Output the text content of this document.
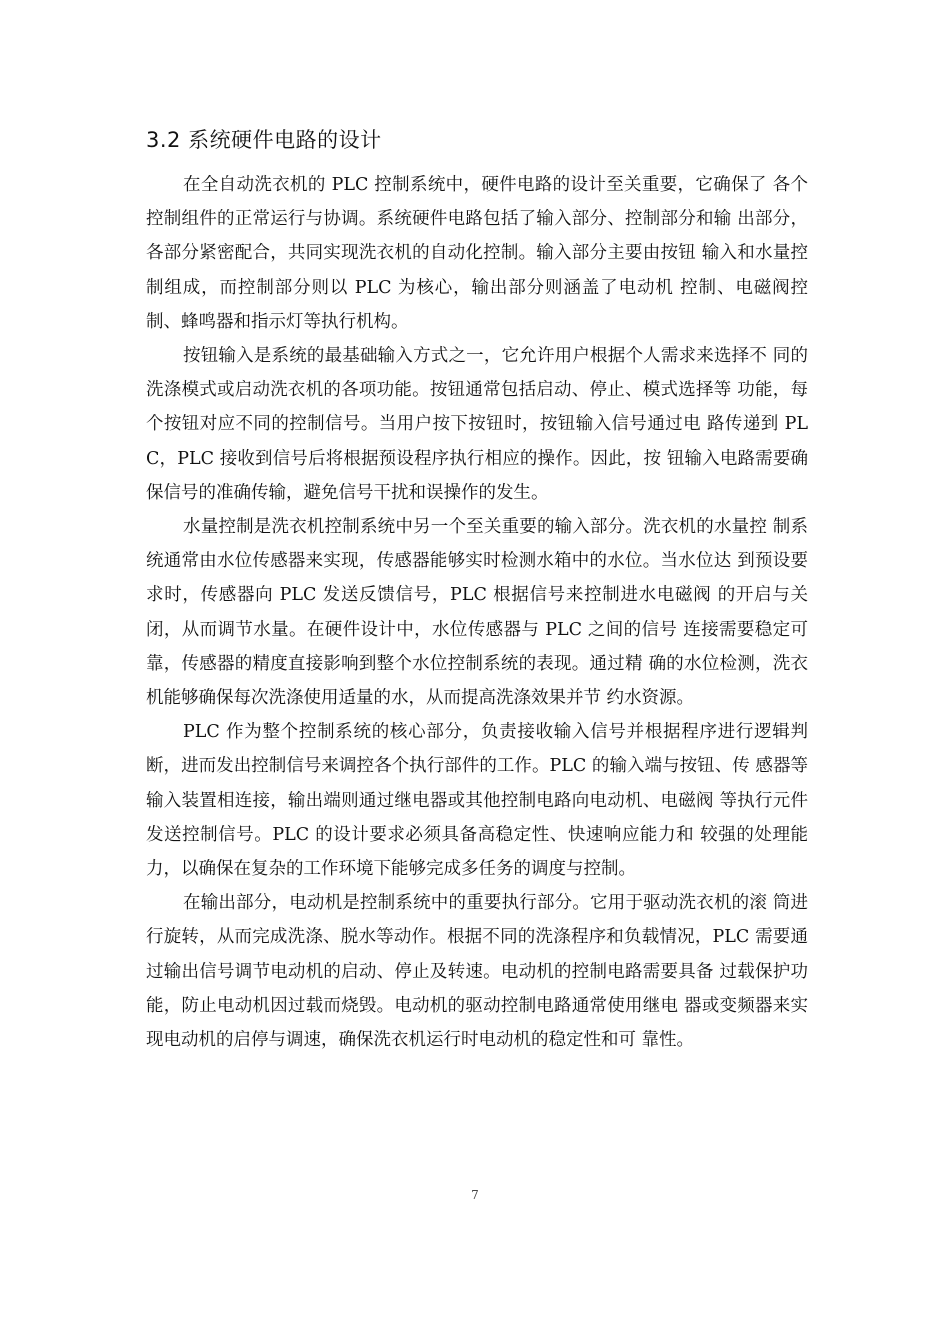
3.2 系统硬件电路的设计

在全自动洗衣机的 PLC 控制系统中，硬件电路的设计至关重要，它确保了 各个控制组件的正常运行与协调。系统硬件电路包括了输入部分、控制部分和输 出部分，各部分紧密配合，共同实现洗衣机的自动化控制。输入部分主要由按钮 输入和水量控制组成，而控制部分则以 PLC 为核心，输出部分则涵盖了电动机 控制、电磁阀控制、蜂鸣器和指示灯等执行机构。

按钮输入是系统的最基础输入方式之一，它允许用户根据个人需求来选择不 同的洗涤模式或启动洗衣机的各项功能。按钮通常包括启动、停止、模式选择等 功能，每个按钮对应不同的控制信号。当用户按下按钮时，按钮输入信号通过电 路传递到 PLC，PLC 接收到信号后将根据预设程序执行相应的操作。因此，按 钮输入电路需要确保信号的准确传输，避免信号干扰和误操作的发生。

水量控制是洗衣机控制系统中另一个至关重要的输入部分。洗衣机的水量控 制系统通常由水位传感器来实现，传感器能够实时检测水箱中的水位。当水位达 到预设要求时，传感器向 PLC 发送反馈信号，PLC 根据信号来控制进水电磁阀 的开启与关闭，从而调节水量。在硬件设计中，水位传感器与 PLC 之间的信号 连接需要稳定可靠，传感器的精度直接影响到整个水位控制系统的表现。通过精 确的水位检测，洗衣机能够确保每次洗涤使用适量的水，从而提高洗涤效果并节 约水资源。

PLC 作为整个控制系统的核心部分，负责接收输入信号并根据程序进行逻辑判断，进而发出控制信号来调控各个执行部件的工作。PLC 的输入端与按钮、传 感器等输入装置相连接，输出端则通过继电器或其他控制电路向电动机、电磁阀 等执行元件发送控制信号。PLC 的设计要求必须具备高稳定性、快速响应能力和 较强的处理能力，以确保在复杂的工作环境下能够完成多任务的调度与控制。

在输出部分，电动机是控制系统中的重要执行部分。它用于驱动洗衣机的滚 筒进行旋转，从而完成洗涤、脱水等动作。根据不同的洗涤程序和负载情况，PLC 需要通过输出信号调节电动机的启动、停止及转速。电动机的控制电路需要具备 过载保护功能，防止电动机因过载而烧毁。电动机的驱动控制电路通常使用继电 器或变频器来实现电动机的启停与调速，确保洗衣机运行时电动机的稳定性和可 靠性。

7
